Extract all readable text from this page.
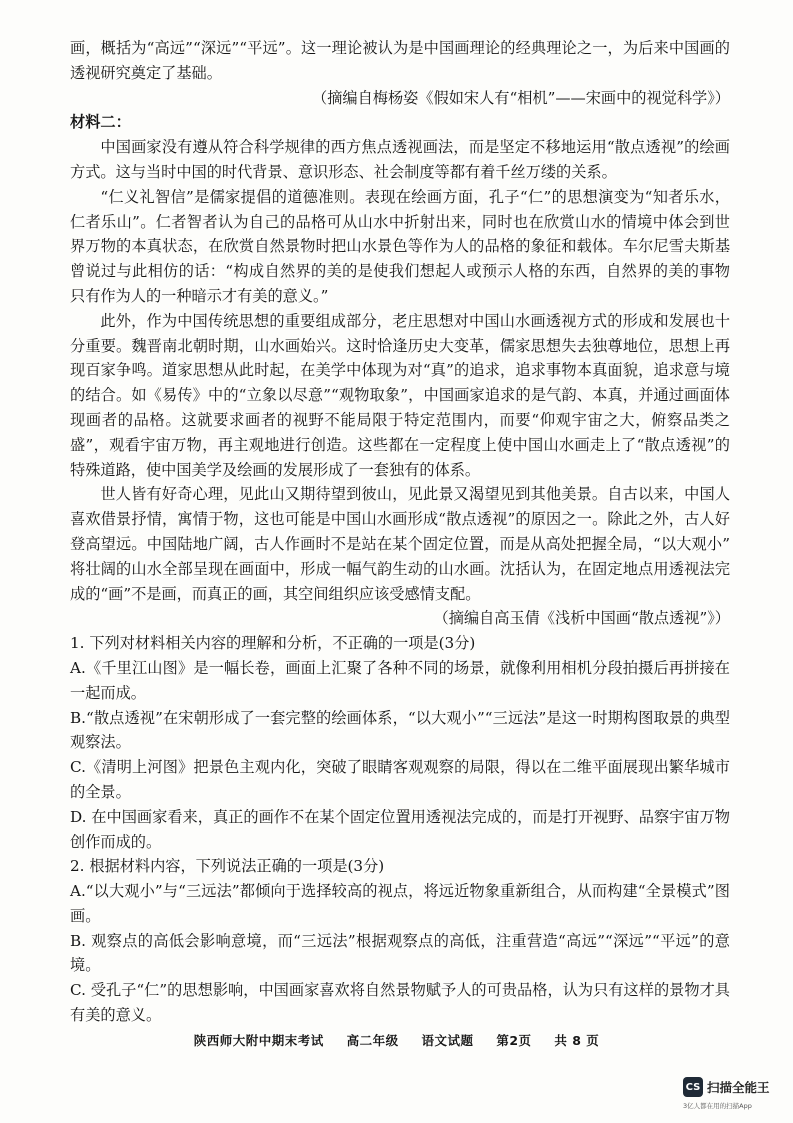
画，概括为“高远”“深远”“平远”。这一理论被认为是中国画理论的经典理论之一，为后来中国画的透视研究奠定了基础。

（摘编自梅杨姿《假如宋人有“相机”——宋画中的视觉科学》）

材料二：

中国画家没有遵从符合科学规律的西方焦点透视画法，而是坚定不移地运用“散点透视”的绘画方式。这与当时中国的时代背景、意识形态、社会制度等都有着千丝万缕的关系。

“仁义礼智信”是儒家提倡的道德准则。表现在绘画方面，孔子“仁”的思想演变为“知者乐水，仁者乐山”。仁者智者认为自己的品格可从山水中折射出来，同时也在欣赏山水的情境中体会到世界万物的本真状态，在欣赏自然景物时把山水景色等作为人的品格的象征和载体。车尔尼雪夫斯基曾说过与此相仿的话：“构成自然界的美的是使我们想起人或预示人格的东西，自然界的美的事物只有作为人的一种暗示才有美的意义。”

此外，作为中国传统思想的重要组成部分，老庄思想对中国山水画透视方式的形成和发展也十分重要。魏晋南北朝时期，山水画始兴。这时恰逢历史大变革，儒家思想失去独尊地位，思想上再现百家争鸣。道家思想从此时起，在美学中体现为对“真”的追求，追求事物本真面貌，追求意与境的结合。如《易传》中的“立象以尽意”“观物取象”，中国画家追求的是气韵、本真，并通过画面体现画者的品格。这就要求画者的视野不能局限于特定范围内，而要“仰观宇宙之大，俯察品类之盛”，观看宇宙万物，再主观地进行创造。这些都在一定程度上使中国山水画走上了“散点透视”的特殊道路，使中国美学及绘画的发展形成了一套独有的体系。

世人皆有好奇心理，见此山又期待望到彼山，见此景又渴望见到其他美景。自古以来，中国人喜欢借景抒情，寓情于物，这也可能是中国山水画形成“散点透视”的原因之一。除此之外，古人好登高望远。中国陆地广阔，古人作画时不是站在某个固定位置，而是从高处把握全局，“以大观小” 将壮阔的山水全部呈现在画面中，形成一幅气韵生动的山水画。沈括认为，在固定地点用透视法完成的“画”不是画，而真正的画，其空间组织应该受感情支配。

（摘编自高玉倩《浅析中国画“散点透视”》）

1. 下列对材料相关内容的理解和分析，不正确的一项是(3分)

A.《千里江山图》是一幅长卷，画面上汇聚了各种不同的场景，就像利用相机分段拍摄后再拼接在一起而成。

B.“散点透视”在宋朝形成了一套完整的绘画体系，“以大观小”“三远法”是这一时期构图取景的典型观察法。

C.《清明上河图》把景色主观内化，突破了眼睛客观观察的局限，得以在二维平面展现出繁华城市的全景。

D. 在中国画家看来，真正的画作不在某个固定位置用透视法完成的，而是打开视野、品察宇宙万物创作而成的。

2. 根据材料内容，下列说法正确的一项是(3分)

A.“以大观小”与“三远法”都倾向于选择较高的视点，将远近物象重新组合，从而构建“全景模式”图画。

B. 观察点的高低会影响意境，而“三远法”根据观察点的高低，注重营造“高远”“深远”“平远”的意境。

C. 受孔子“仁”的思想影响，中国画家喜欢将自然景物赋予人的可贵品格，认为只有这样的景物才具有美的意义。

陕西师大附中期末考试 高二年级 语文试题 第2页 共 8 页
CS 扫描全能王
3亿人都在用的扫描App
